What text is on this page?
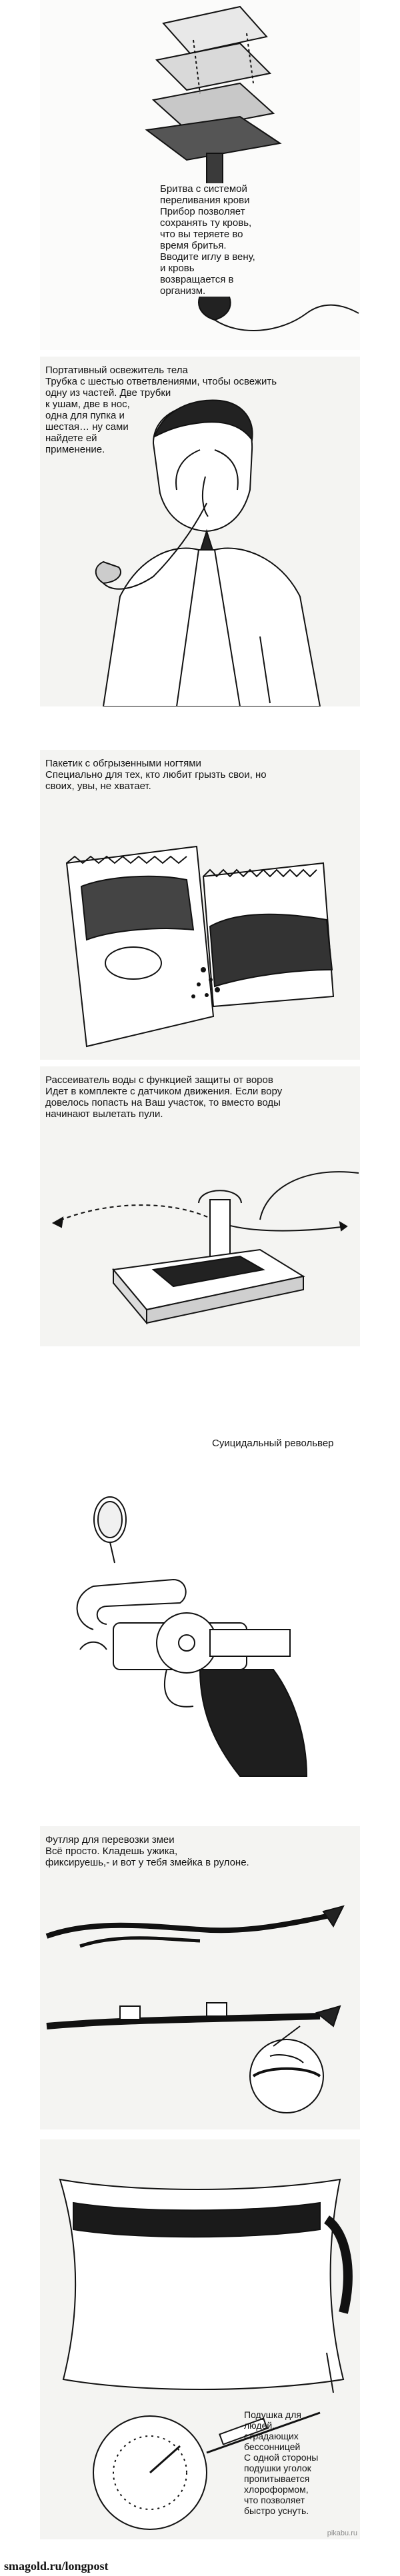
Бритва с системой

переливания крови

Прибор позволяет

сохранять ту кровь,

что вы теряете во

время бритья.

Вводите иглу в вену,

и кровь

возвращается в

организм.

Портативный освежитель тела

Трубка с шестью ответвлениями, чтобы освежить

одну из частей. Две трубки

к ушам, две в нос,

одна для пупка и

шестая… ну сами

найдете ей

применение.

Пакетик с обгрызенными ногтями

Специально для тех, кто любит грызть свои, но

своих, увы, не хватает.

Рассеиватель воды с функцией защиты от воров

Идет в комплекте с датчиком движения. Если вору

довелось попасть на Ваш участок, то вместо воды

начинают вылетать пули.

Суицидальный револьвер

Футляр для перевозки змеи

Всё просто. Кладешь ужика,

фиксируешь,- и вот у тебя змейка в рулоне.

Подушка для

людей,

страдающих

бессонницей

С одной стороны

подушки уголок

пропитывается

хлороформом,

что позволяет

быстро уснуть.

pikabu.ru
smagold.ru/longpost
